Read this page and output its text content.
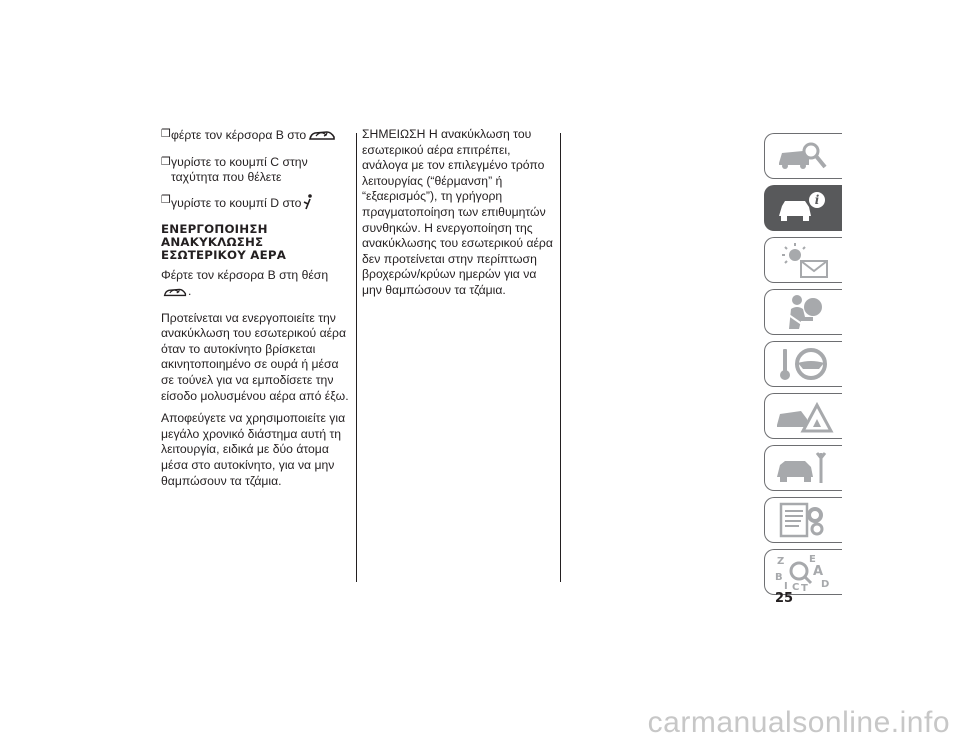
❒ φέρτε τον κέρσορα B στο
❒ γυρίστε το κουμπί C στην ταχύτητα που θέλετε
❒ γυρίστε το κουμπί D στο
ΕΝΕΡΓΟΠΟΙΗΣΗ ΑΝΑΚΥΚΛΩΣΗΣ
ΕΣΩΤΕΡΙΚΟΥ ΑΕΡΑ

Φέρτε τον κέρσορα B στη θέση .

Προτείνεται να ενεργοποιείτε την ανακύκλωση του εσωτερικού αέρα όταν το αυτοκίνητο βρίσκεται ακινητοποιημένο σε ουρά ή μέσα σε τούνελ για να εμποδίσετε την είσοδο μολυσμένου αέρα από έξω.

Αποφεύγετε να χρησιμοποιείτε για μεγάλο χρονικό διάστημα αυτή τη λειτουργία, ειδικά με δύο άτομα μέσα στο αυτοκίνητο, για να μην θαμπώσουν τα τζάμια.

ΣΗΜΕΙΩΣΗ Η ανακύκλωση του εσωτερικού αέρα επιτρέπει, ανάλογα με τον επιλεγμένο τρόπο λειτουργίας (“θέρμανση” ή “εξαερισμός”), τη γρήγορη πραγματοποίηση των επιθυμητών συνθηκών. Η ενεργοποίηση της ανακύκλωσης του εσωτερικού αέρα δεν προτείνεται στην περίπτωση βροχερών/κρύων ημερών για να μην θαμπώσουν τα τζάμια.

i
Z E
B A
I C D
T
25
carmanualsonline.info
